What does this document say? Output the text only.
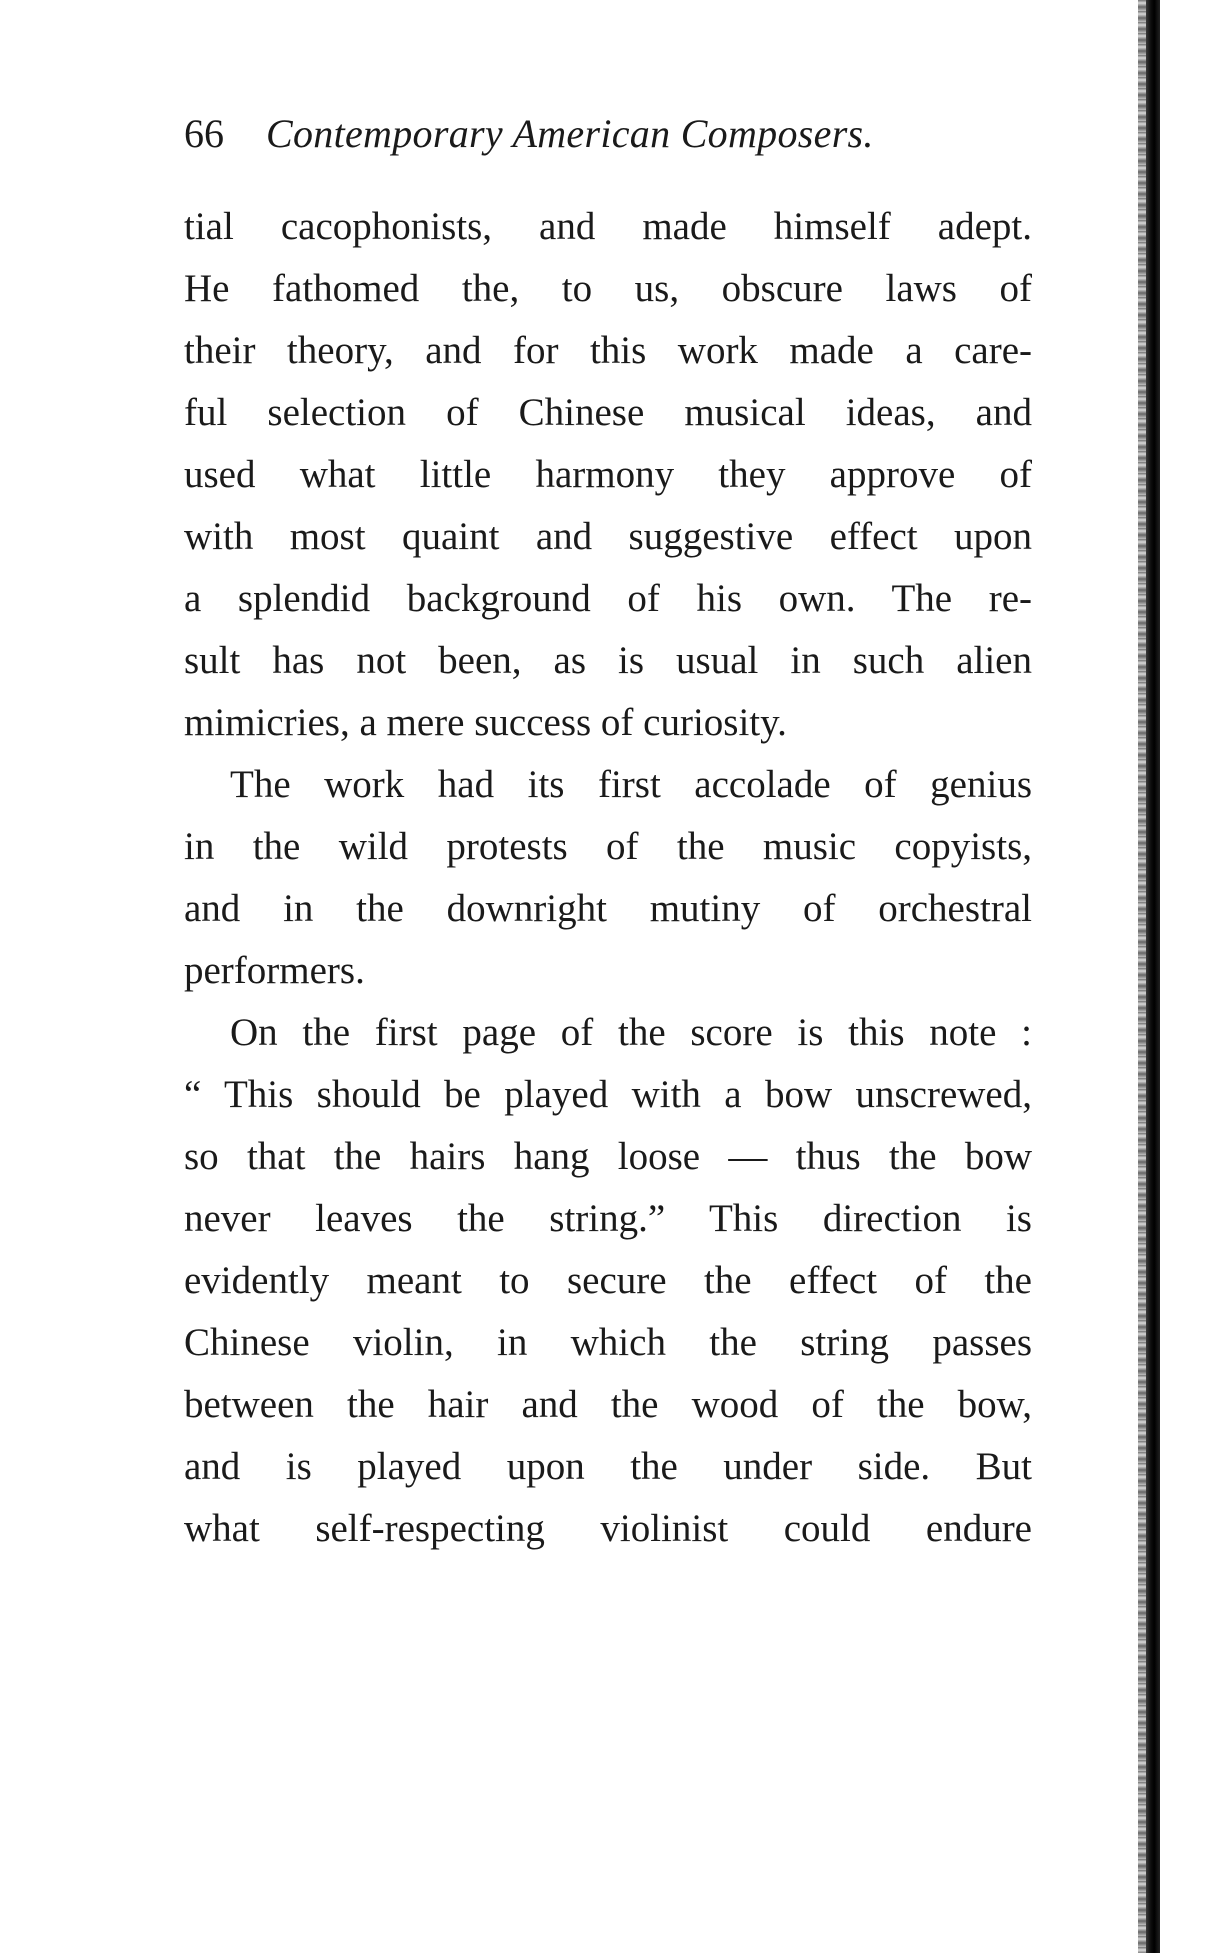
66 Contemporary American Composers.
tial cacophonists, and made himself adept.
He fathomed the, to us, obscure laws of
their theory, and for this work made a care-
ful selection of Chinese musical ideas, and
used what little harmony they approve of
with most quaint and suggestive effect upon
a splendid background of his own. The re-
sult has not been, as is usual in such alien
mimicries, a mere success of curiosity.
The work had its first accolade of genius
in the wild protests of the music copyists,
and in the downright mutiny of orchestral
performers.
On the first page of the score is this note :
“ This should be played with a bow unscrewed,
so that the hairs hang loose — thus the bow
never leaves the string.” This direction is
evidently meant to secure the effect of the
Chinese violin, in which the string passes
between the hair and the wood of the bow,
and is played upon the under side. But
what self-respecting violinist could endure
